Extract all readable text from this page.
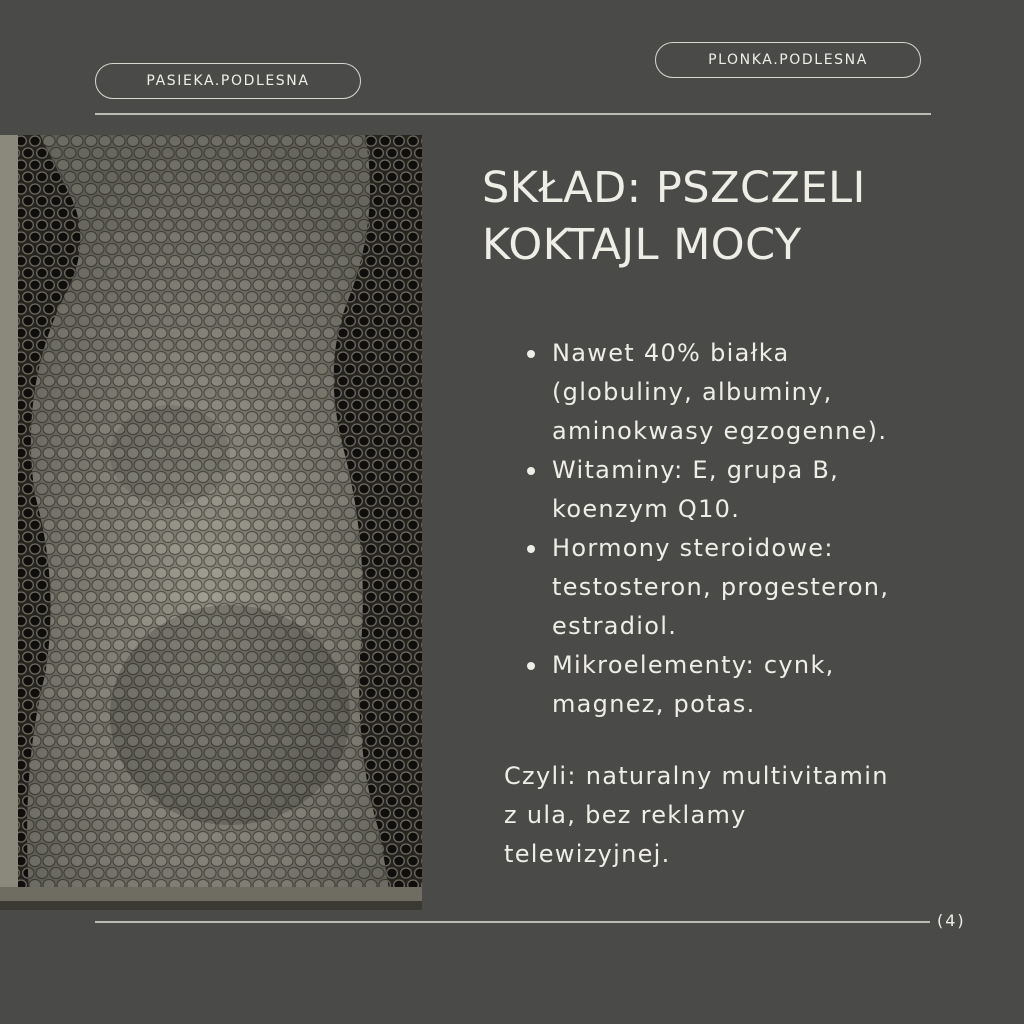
PASIEKA.PODLESNA
PLONKA.PODLESNA
SKŁAD: PSZCZELI
KOKTAJL MOCY
Nawet 40% białka
(globuliny, albuminy,
aminokwasy egzogenne).
Witaminy: E, grupa B,
koenzym Q10.
Hormony steroidowe:
testosteron, progesteron,
estradiol.
Mikroelementy: cynk,
magnez, potas.

Czyli: naturalny multivitamin
z ula, bez reklamy
telewizyjnej.

(4)
